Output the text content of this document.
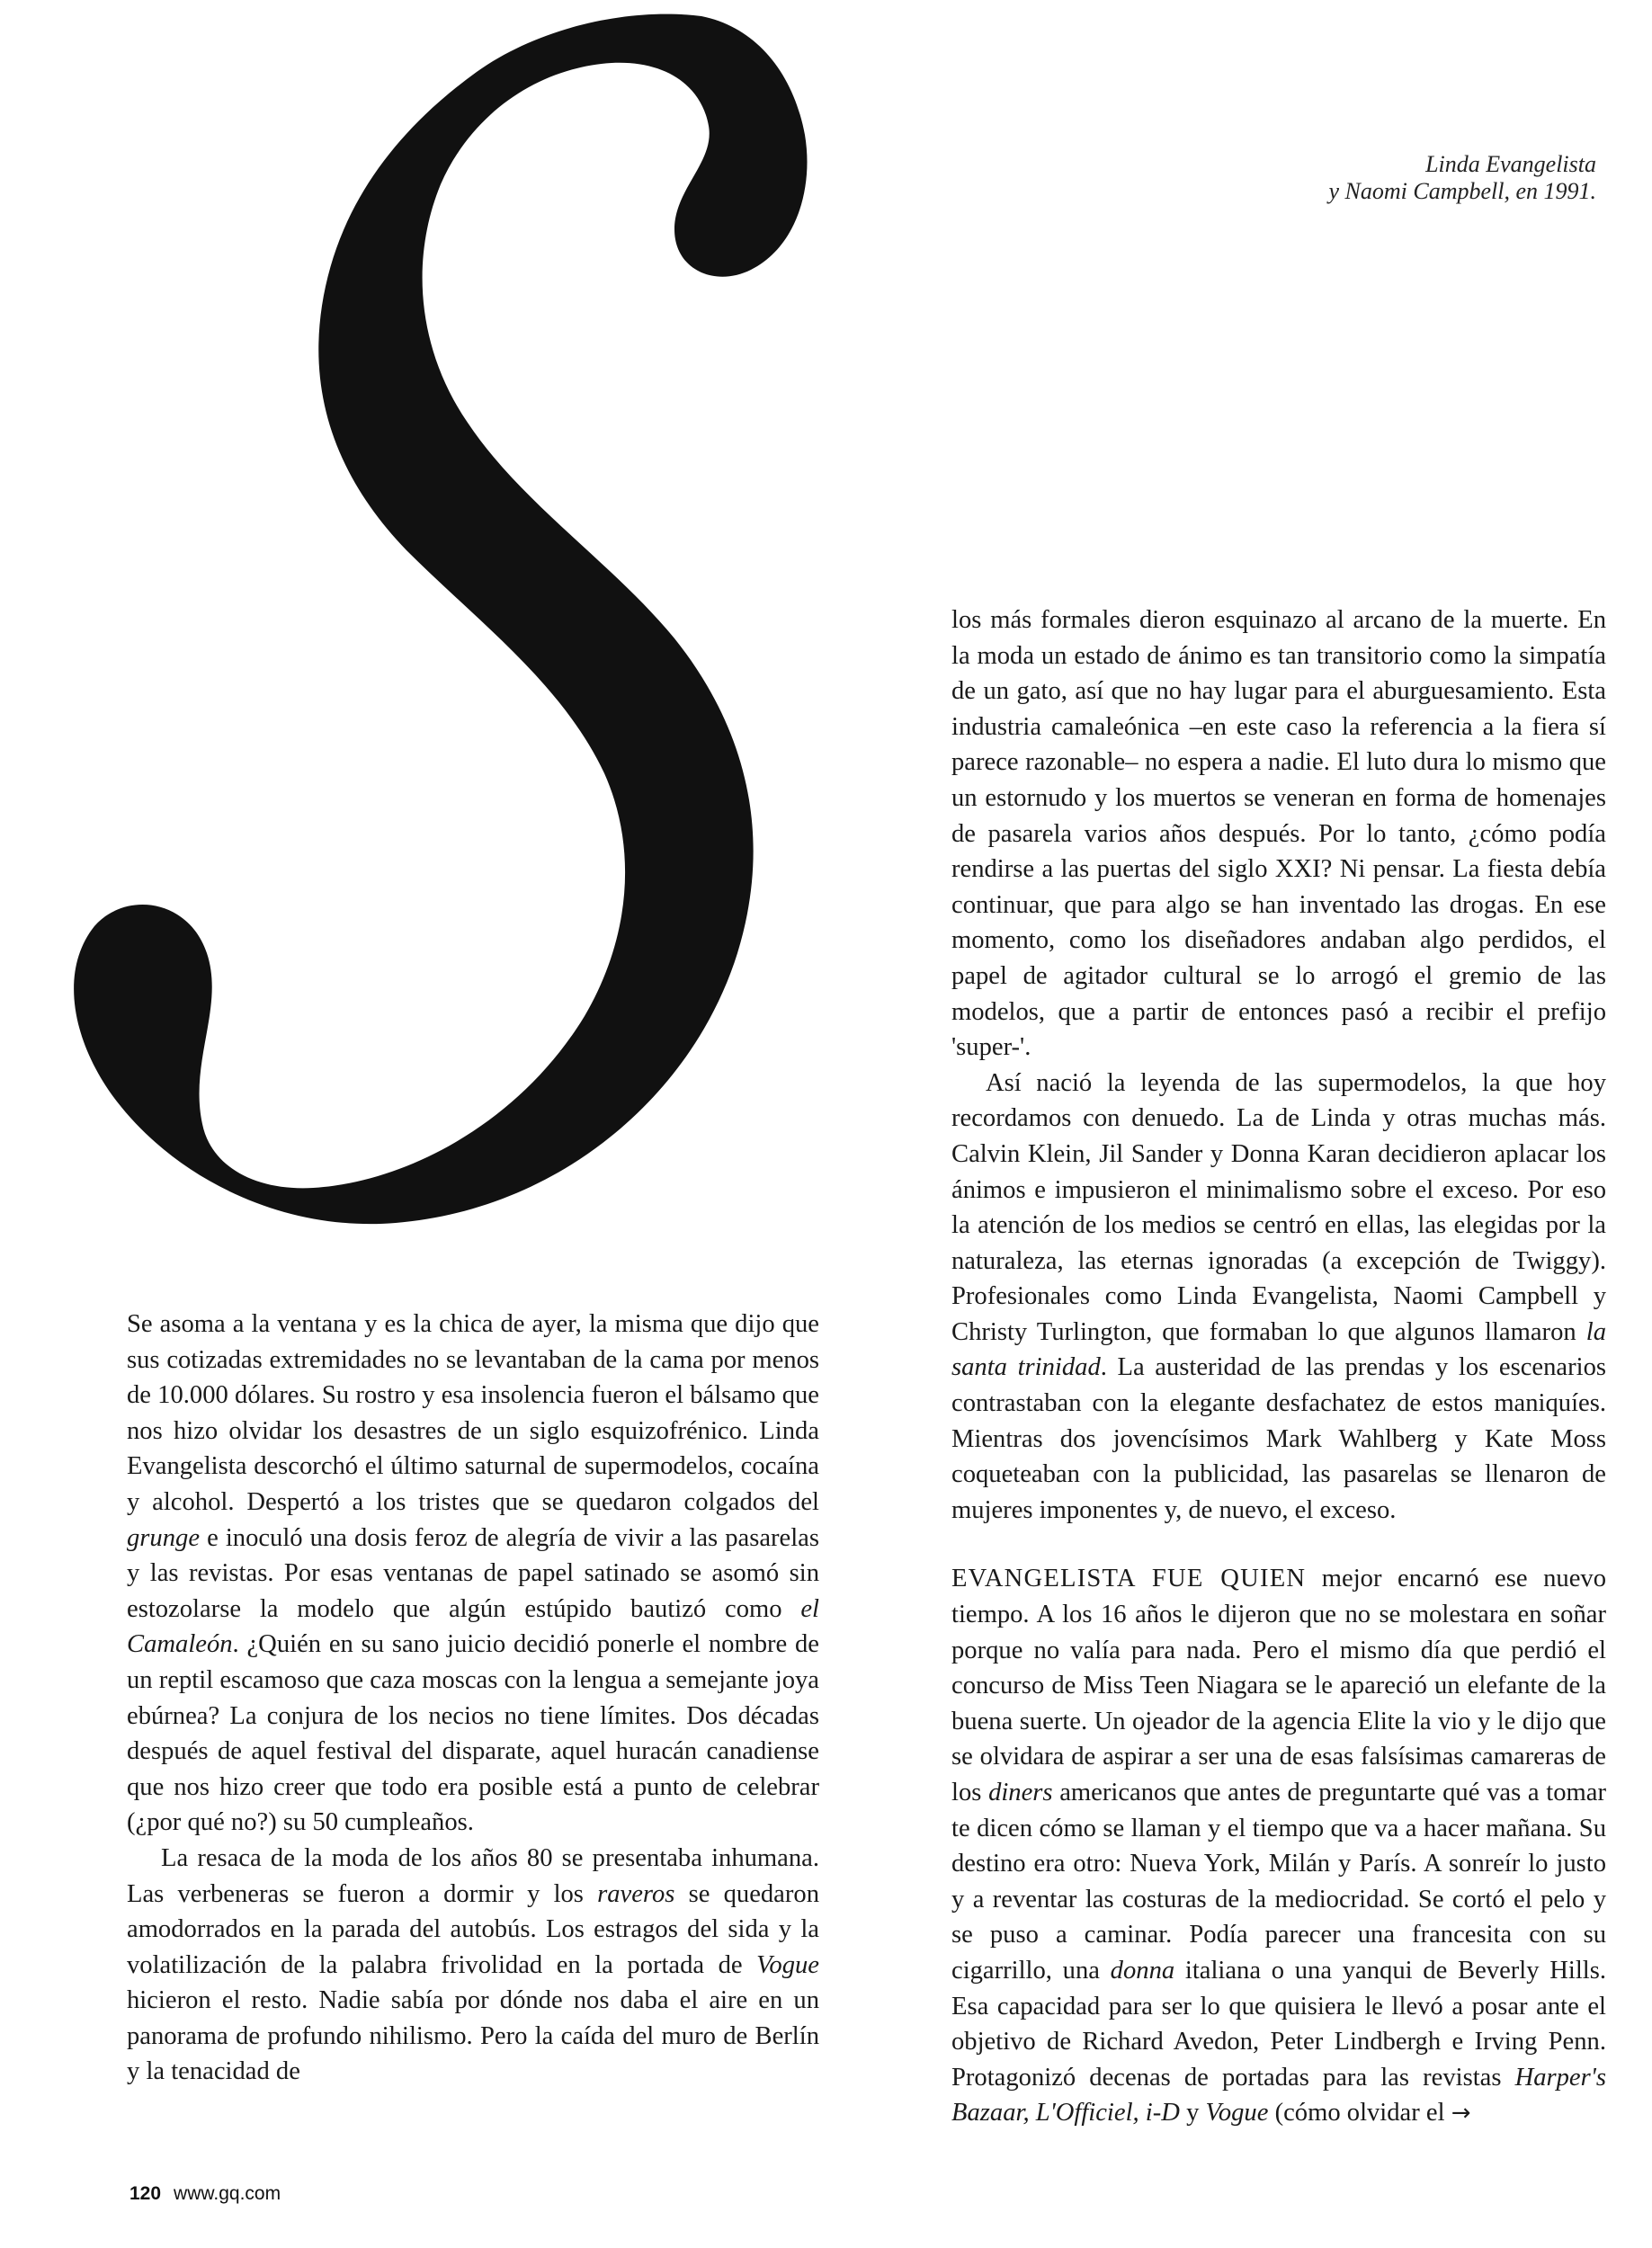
Linda Evangelista
y Naomi Campbell, en 1991.

Se asoma a la ventana y es la chica de ayer, la misma que dijo que sus cotizadas extremidades no se levantaban de la cama por menos de 10.000 dólares. Su rostro y esa insolencia fueron el bálsamo que nos hizo olvidar los desastres de un siglo esquizofrénico. Linda Evangelista descorchó el último saturnal de supermodelos, cocaína y alcohol. Despertó a los tristes que se quedaron colgados del grunge e inoculó una dosis feroz de alegría de vivir a las pasarelas y las revistas. Por esas ventanas de papel satinado se asomó sin estozolarse la modelo que algún estúpido bautizó como el Camaleón. ¿Quién en su sano juicio decidió ponerle el nombre de un reptil escamoso que caza moscas con la lengua a semejante joya ebúrnea? La conjura de los necios no tiene límites. Dos décadas después de aquel festival del disparate, aquel huracán canadiense que nos hizo creer que todo era posible está a punto de celebrar (¿por qué no?) su 50 cumpleaños.

La resaca de la moda de los años 80 se presentaba inhumana. Las verbeneras se fueron a dormir y los raveros se quedaron amodorrados en la parada del autobús. Los estragos del sida y la volatilización de la palabra frivolidad en la portada de Vogue hicieron el resto. Nadie sabía por dónde nos daba el aire en un panorama de profundo nihilismo. Pero la caída del muro de Berlín y la tenacidad de

los más formales dieron esquinazo al arcano de la muerte. En la moda un estado de ánimo es tan transitorio como la simpatía de un gato, así que no hay lugar para el aburguesamiento. Esta industria camaleónica –en este caso la referencia a la fiera sí parece razonable– no espera a nadie. El luto dura lo mismo que un estornudo y los muertos se veneran en forma de homenajes de pasarela varios años después. Por lo tanto, ¿cómo podía rendirse a las puertas del siglo XXI? Ni pensar. La fiesta debía continuar, que para algo se han inventado las drogas. En ese momento, como los diseñadores andaban algo perdidos, el papel de agitador cultural se lo arrogó el gremio de las modelos, que a partir de entonces pasó a recibir el prefijo 'super-'.

Así nació la leyenda de las supermodelos, la que hoy recordamos con denuedo. La de Linda y otras muchas más. Calvin Klein, Jil Sander y Donna Karan decidieron aplacar los ánimos e impusieron el minimalismo sobre el exceso. Por eso la atención de los medios se centró en ellas, las elegidas por la naturaleza, las eternas ignoradas (a excepción de Twiggy). Profesionales como Linda Evangelista, Naomi Campbell y Christy Turlington, que formaban lo que algunos llamaron la santa trinidad. La austeridad de las prendas y los escenarios contrastaban con la elegante desfachatez de estos maniquíes. Mientras dos jovencísimos Mark Wahlberg y Kate Moss coqueteaban con la publicidad, las pasarelas se llenaron de mujeres imponentes y, de nuevo, el exceso.

EVANGELISTA FUE QUIEN mejor encarnó ese nuevo tiempo. A los 16 años le dijeron que no se molestara en soñar porque no valía para nada. Pero el mismo día que perdió el concurso de Miss Teen Niagara se le apareció un elefante de la buena suerte. Un ojeador de la agencia Elite la vio y le dijo que se olvidara de aspirar a ser una de esas falsísimas camareras de los diners americanos que antes de preguntarte qué vas a tomar te dicen cómo se llaman y el tiempo que va a hacer mañana. Su destino era otro: Nueva York, Milán y París. A sonreír lo justo y a reventar las costuras de la mediocridad. Se cortó el pelo y se puso a caminar. Podía parecer una francesita con su cigarrillo, una donna italiana o una yanqui de Beverly Hills. Esa capacidad para ser lo que quisiera le llevó a posar ante el objetivo de Richard Avedon, Peter Lindbergh e Irving Penn. Protagonizó decenas de portadas para las revistas Harper's Bazaar, L'Officiel, i-D y Vogue (cómo olvidar el →

120 www.gq.com
